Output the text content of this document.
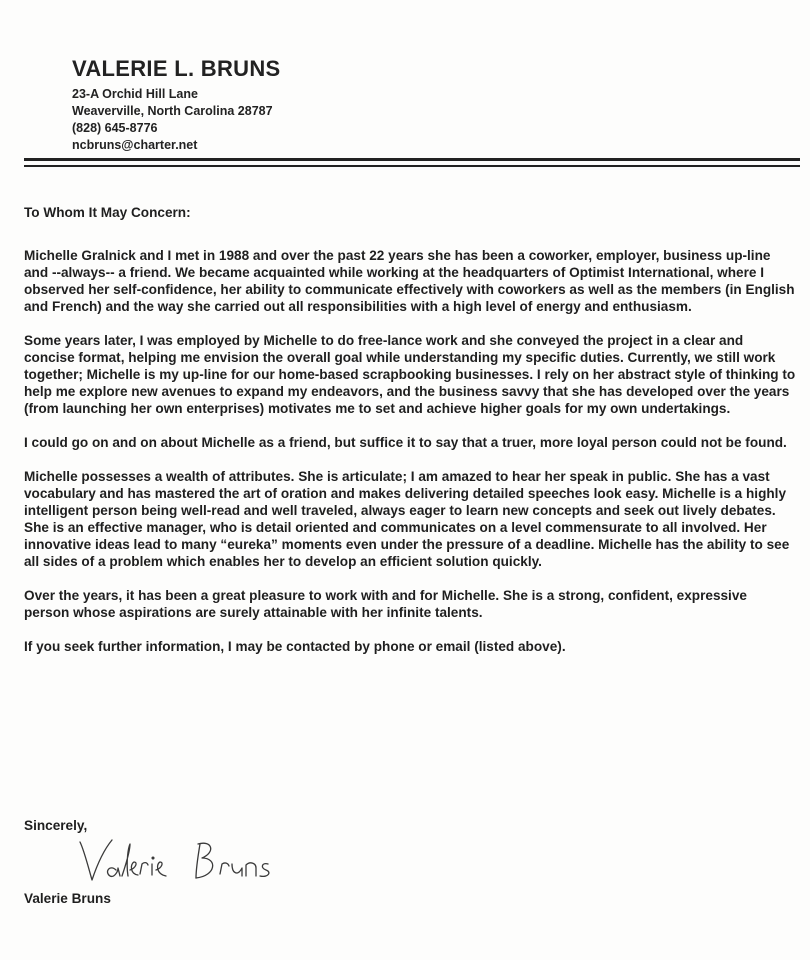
VALERIE L. BRUNS
23-A Orchid Hill Lane
Weaverville, North Carolina 28787
(828) 645-8776
ncbruns@charter.net
To Whom It May Concern:

Michelle Gralnick and I met in 1988 and over the past 22 years she has been a coworker, employer, business up-line and --always-- a friend. We became acquainted while working at the headquarters of Optimist International, where I observed her self-confidence, her ability to communicate effectively with coworkers as well as the members (in English and French) and the way she carried out all responsibilities with a high level of energy and enthusiasm.

Some years later, I was employed by Michelle to do free-lance work and she conveyed the project in a clear and concise format, helping me envision the overall goal while understanding my specific duties. Currently, we still work together; Michelle is my up-line for our home-based scrapbooking businesses. I rely on her abstract style of thinking to help me explore new avenues to expand my endeavors, and the business savvy that she has developed over the years (from launching her own enterprises) motivates me to set and achieve higher goals for my own undertakings.

I could go on and on about Michelle as a friend, but suffice it to say that a truer, more loyal person could not be found.

Michelle possesses a wealth of attributes. She is articulate; I am amazed to hear her speak in public. She has a vast vocabulary and has mastered the art of oration and makes delivering detailed speeches look easy. Michelle is a highly intelligent person being well-read and well traveled, always eager to learn new concepts and seek out lively debates. She is an effective manager, who is detail oriented and communicates on a level commensurate to all involved. Her innovative ideas lead to many “eureka” moments even under the pressure of a deadline. Michelle has the ability to see all sides of a problem which enables her to develop an efficient solution quickly.

Over the years, it has been a great pleasure to work with and for Michelle. She is a strong, confident, expressive person whose aspirations are surely attainable with her infinite talents.

If you seek further information, I may be contacted by phone or email (listed above).

Sincerely,
Valerie Bruns
